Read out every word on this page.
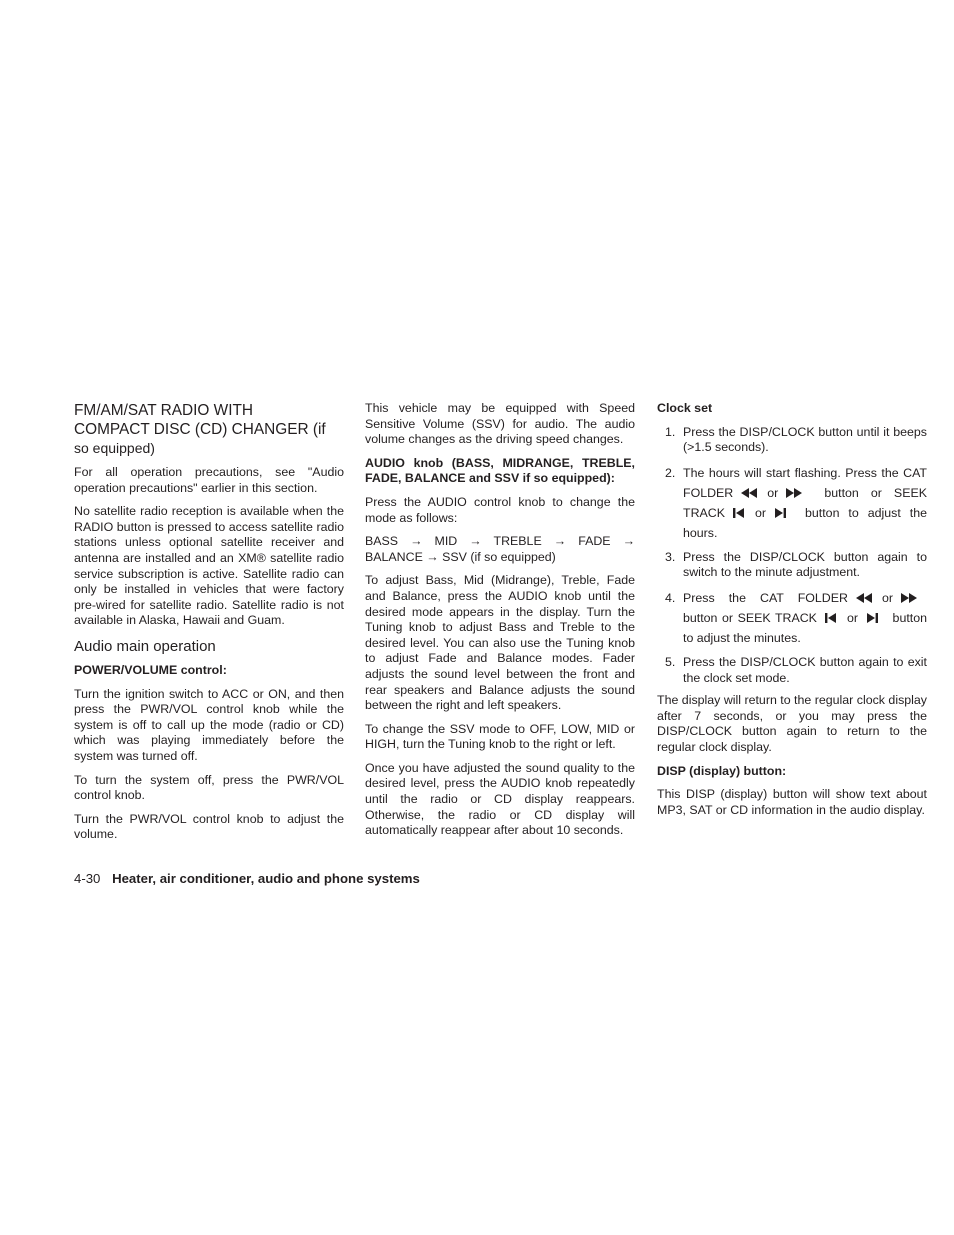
FM/AM/SAT RADIO WITH
COMPACT DISC (CD) CHANGER (if
so equipped)

For all operation precautions, see "Audio operation precautions" earlier in this section.

No satellite radio reception is available when the RADIO button is pressed to access satellite radio stations unless optional satellite receiver and antenna are installed and an XM® satellite radio service subscription is active. Satellite radio can only be installed in vehicles that were factory pre-wired for satellite radio. Satellite radio is not available in Alaska, Hawaii and Guam.

Audio main operation

POWER/VOLUME control:

Turn the ignition switch to ACC or ON, and then press the PWR/VOL control knob while the system is off to call up the mode (radio or CD) which was playing immediately before the system was turned off.

To turn the system off, press the PWR/VOL control knob.

Turn the PWR/VOL control knob to adjust the volume.

This vehicle may be equipped with Speed Sensitive Volume (SSV) for audio. The audio volume changes as the driving speed changes.

AUDIO knob (BASS, MIDRANGE, TREBLE, FADE, BALANCE and SSV if so equipped):

Press the AUDIO control knob to change the mode as follows:

BASS → MID → TREBLE → FADE → BALANCE → SSV (if so equipped)

To adjust Bass, Mid (Midrange), Treble, Fade and Balance, press the AUDIO knob until the desired mode appears in the display. Turn the Tuning knob to adjust Bass and Treble to the desired level. You can also use the Tuning knob to adjust Fade and Balance modes. Fader adjusts the sound level between the front and rear speakers and Balance adjusts the sound between the right and left speakers.

To change the SSV mode to OFF, LOW, MID or HIGH, turn the Tuning knob to the right or left.

Once you have adjusted the sound quality to the desired level, press the AUDIO knob repeatedly until the radio or CD display reappears. Otherwise, the radio or CD display will automatically reappear after about 10 seconds.

Clock set

1. Press the DISP/CLOCK button until it beeps (>1.5 seconds).
2. The hours will start flashing. Press the CAT FOLDER	or	button or SEEK TRACK or	button to adjust the hours.
3. Press the DISP/CLOCK button again to switch to the minute adjustment.
4. Press the CAT FOLDER	or
button or SEEK TRACK or	button to adjust the minutes.
5. Press the DISP/CLOCK button again to exit the clock set mode.

The display will return to the regular clock display after 7 seconds, or you may press the DISP/CLOCK button again to return to the regular clock display.

DISP (display) button:

This DISP (display) button will show text about MP3, SAT or CD information in the audio display.

4-30 Heater, air conditioner, audio and phone systems
